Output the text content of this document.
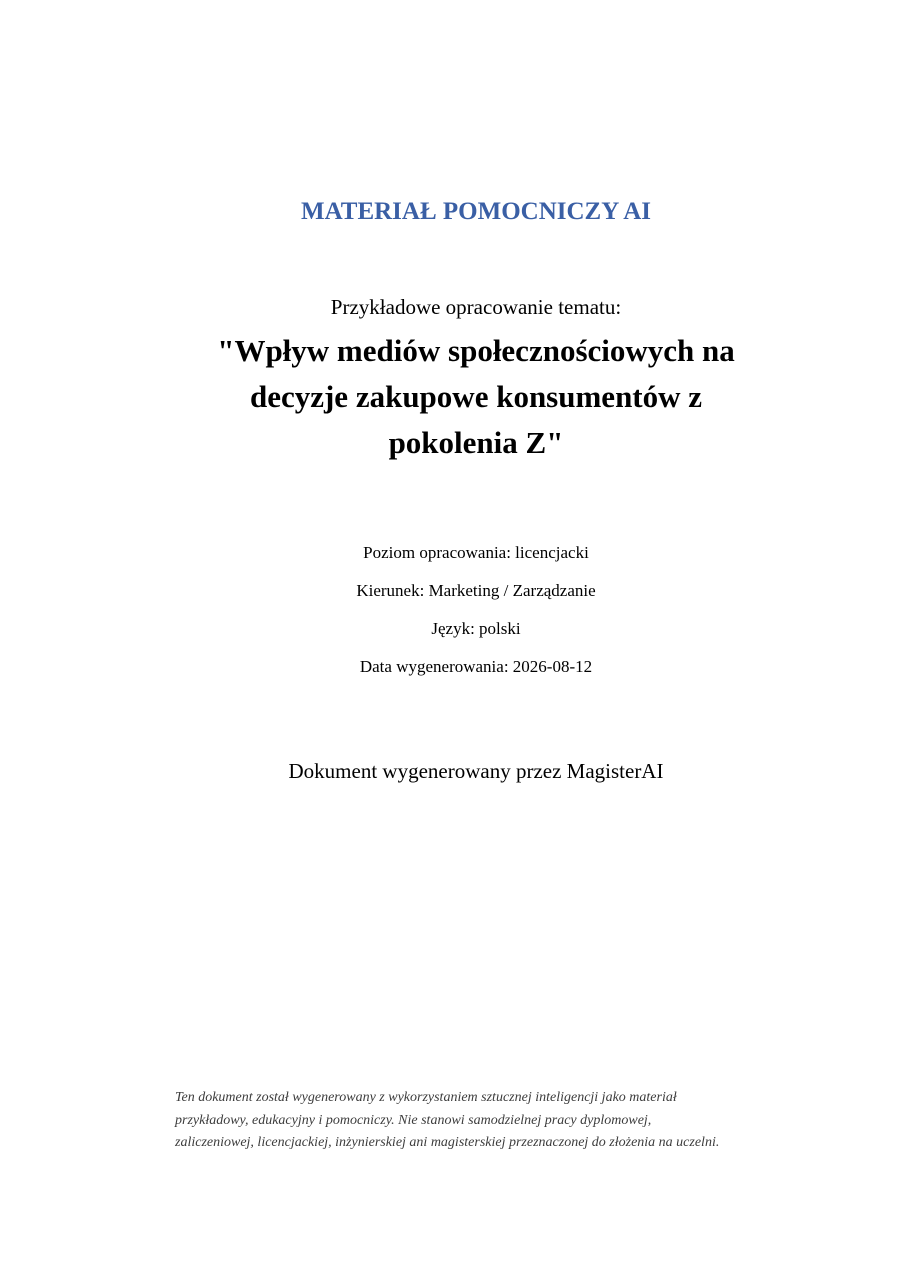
MATERIAŁ POMOCNICZY AI
Przykładowe opracowanie tematu:
"Wpływ mediów społecznościowych na
decyzje zakupowe konsumentów z
pokolenia Z"
Poziom opracowania: licencjacki
Kierunek: Marketing / Zarządzanie
Język: polski
Data wygenerowania: 2026-08-12
Dokument wygenerowany przez MagisterAI
Ten dokument został wygenerowany z wykorzystaniem sztucznej inteligencji jako materiał
przykładowy, edukacyjny i pomocniczy. Nie stanowi samodzielnej pracy dyplomowej,
zaliczeniowej, licencjackiej, inżynierskiej ani magisterskiej przeznaczonej do złożenia na uczelni.
